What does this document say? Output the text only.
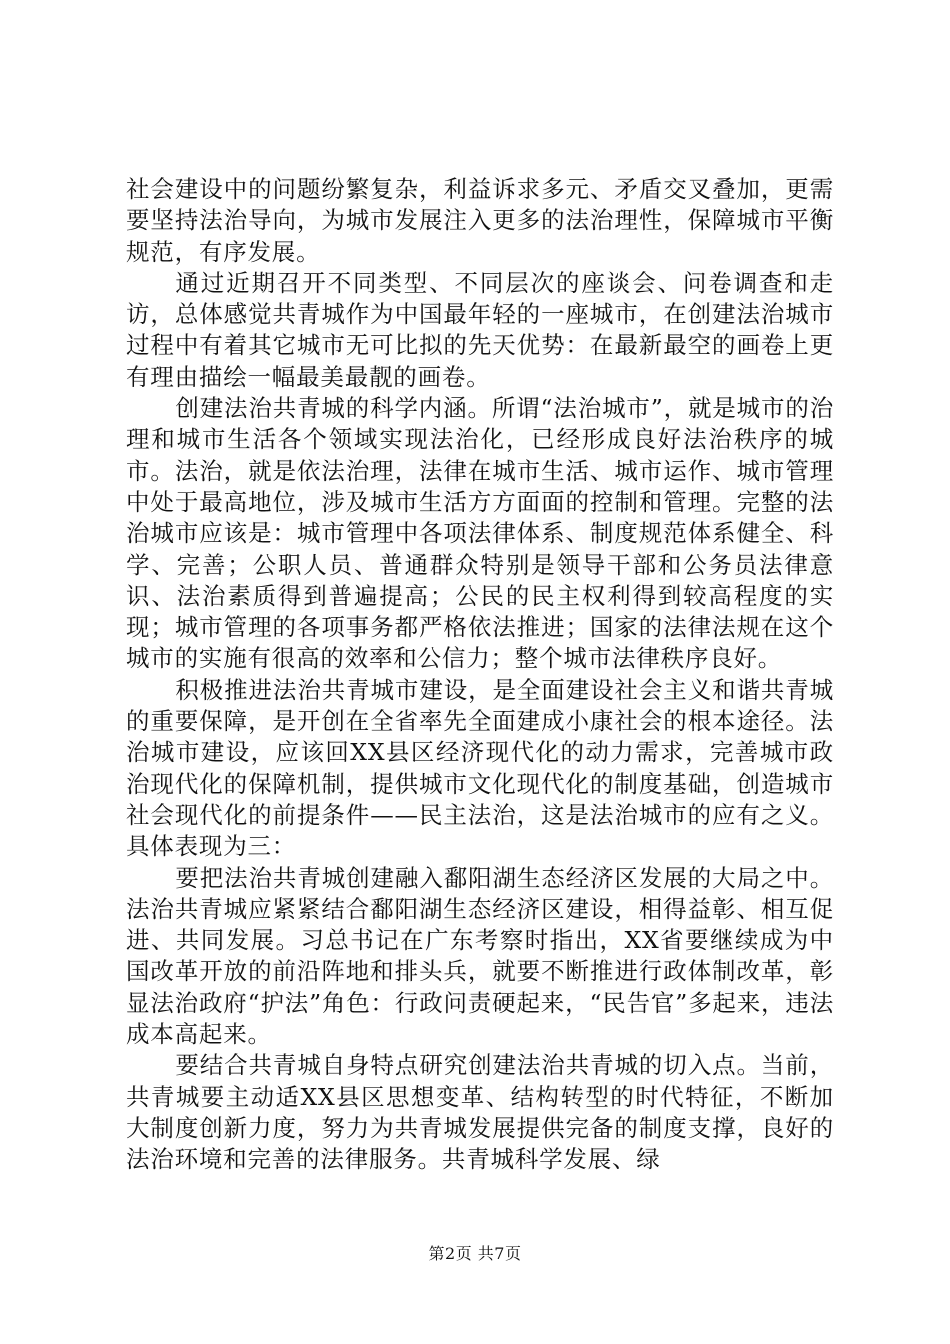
社会建设中的问题纷繁复杂，利益诉求多元、矛盾交叉叠加，更需要坚持法治导向，为城市发展注入更多的法治理性，保障城市平衡规范，有序发展。

通过近期召开不同类型、不同层次的座谈会、问卷调查和走访，总体感觉共青城作为中国最年轻的一座城市，在创建法治城市过程中有着其它城市无可比拟的先天优势：在最新最空的画卷上更有理由描绘一幅最美最靓的画卷。

创建法治共青城的科学内涵。所谓“法治城市”，就是城市的治理和城市生活各个领域实现法治化，已经形成良好法治秩序的城市。法治，就是依法治理，法律在城市生活、城市运作、城市管理中处于最高地位，涉及城市生活方方面面的控制和管理。完整的法治城市应该是：城市管理中各项法律体系、制度规范体系健全、科学、完善；公职人员、普通群众特别是领导干部和公务员法律意识、法治素质得到普遍提高；公民的民主权利得到较高程度的实现；城市管理的各项事务都严格依法推进；国家的法律法规在这个城市的实施有很高的效率和公信力；整个城市法律秩序良好。

积极推进法治共青城市建设，是全面建设社会主义和谐共青城的重要保障，是开创在全省率先全面建成小康社会的根本途径。法治城市建设，应该回XX县区经济现代化的动力需求，完善城市政治现代化的保障机制，提供城市文化现代化的制度基础，创造城市社会现代化的前提条件——民主法治，这是法治城市的应有之义。具体表现为三：

要把法治共青城创建融入鄱阳湖生态经济区发展的大局之中。法治共青城应紧紧结合鄱阳湖生态经济区建设，相得益彰、相互促进、共同发展。习总书记在广东考察时指出，XX省要继续成为中国改革开放的前沿阵地和排头兵，就要不断推进行政体制改革，彰显法治政府“护法”角色：行政问责硬起来，“民告官”多起来，违法成本高起来。

要结合共青城自身特点研究创建法治共青城的切入点。当前，共青城要主动适XX县区思想变革、结构转型的时代特征，不断加大制度创新力度，努力为共青城发展提供完备的制度支撑，良好的法治环境和完善的法律服务。共青城科学发展、绿

第2页 共7页
